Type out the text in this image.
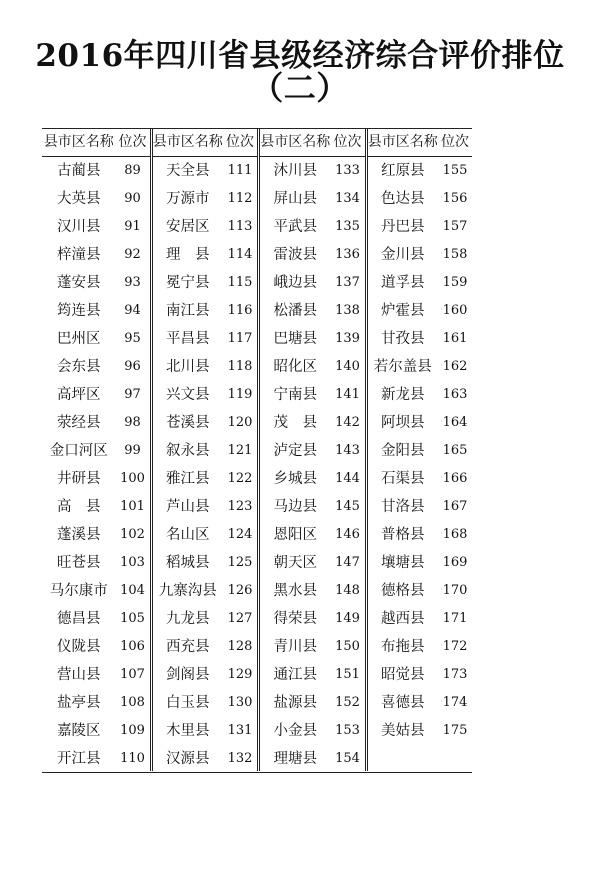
2016年四川省县级经济综合评价排位
（二）
县市区名称 位次
古蔺县	89
大英县	90
汉川县	91
梓潼县	92
蓬安县	93
筠连县	94
巴州区	95
会东县	96
高坪区	97
荥经县	98
金口河区	99
井研县	100
高　县	101
蓬溪县	102
旺苍县	103
马尔康市 104
德昌县	105
仪陇县	106
营山县	107
盐亭县	108
嘉陵区	109
开江县	110
县市区名称 位次
天全县	111
万源市	112
安居区	113
理　县	114
冕宁县	115
南江县	116
平昌县	117
北川县	118
兴文县	119
苍溪县	120
叙永县	121
雅江县	122
芦山县	123
名山区	124
稻城县	125
九寨沟县 126
九龙县	127
西充县	128
剑阁县	129
白玉县	130
木里县	131
汉源县	132
县市区名称 位次
沐川县	133
屏山县	134
平武县	135
雷波县	136
峨边县	137
松潘县	138
巴塘县	139
昭化区	140
宁南县	141
茂　县	142
泸定县	143
乡城县	144
马边县	145
恩阳区	146
朝天区	147
黑水县	148
得荣县	149
青川县	150
通江县	151
盐源县	152
小金县	153
理塘县	154
县市区名称 位次
红原县	155
色达县	156
丹巴县	157
金川县	158
道孚县	159
炉霍县	160
甘孜县	161
若尔盖县 162
新龙县	163
阿坝县	164
金阳县	165
石渠县	166
甘洛县	167
普格县	168
壤塘县	169
德格县	170
越西县	171
布拖县	172
昭觉县	173
喜德县	174
美姑县	175
